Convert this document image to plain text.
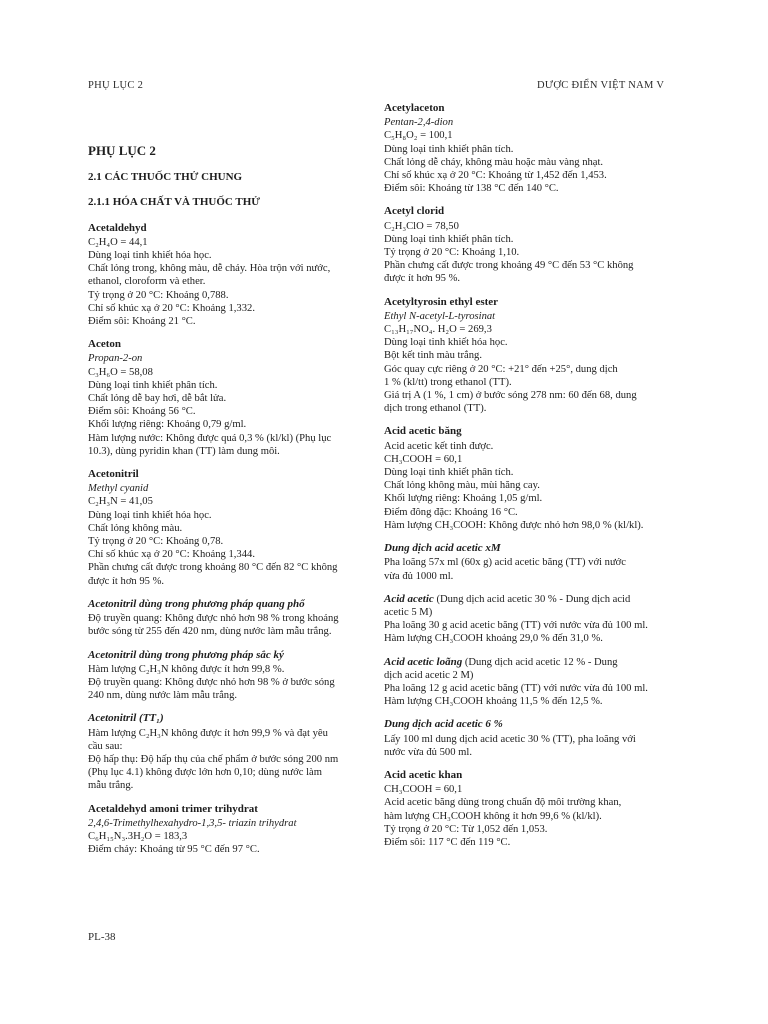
PHỤ LỤC 2	DƯỢC ĐIỂN VIỆT NAM V
PHỤ LỤC 2
2.1 CÁC THUỐC THỬ CHUNG
2.1.1 HÓA CHẤT VÀ THUỐC THỬ
Acetaldehyd
C₂H₄O = 44,1
Dùng loại tinh khiết hóa học.
Chất lỏng trong, không màu, dễ cháy. Hòa trộn với nước,
ethanol, cloroform và ether.
Tỷ trọng ở 20 °C: Khoảng 0,788.
Chỉ số khúc xạ ở 20 °C: Khoảng 1,332.
Điểm sôi: Khoảng 21 °C.
Aceton
Propan-2-on
C₃H₆O = 58,08
Dùng loại tinh khiết phân tích.
Chất lỏng dễ bay hơi, dễ bắt lửa.
Điểm sôi: Khoảng 56 °C.
Khối lượng riêng: Khoảng 0,79 g/ml.
Hàm lượng nước: Không được quá 0,3 % (kl/kl) (Phụ lục
10.3), dùng pyridin khan (TT) làm dung môi.
Acetonitril
Methyl cyanid
C₂H₃N = 41,05
Dùng loại tinh khiết hóa học.
Chất lỏng không màu.
Tỷ trọng ở 20 °C: Khoảng 0,78.
Chỉ số khúc xạ ở 20 °C: Khoảng 1,344.
Phần chưng cất được trong khoảng 80 °C đến 82 °C không
được ít hơn 95 %.
Acetonitril dùng trong phương pháp quang phổ
Độ truyền quang: Không được nhỏ hơn 98 % trong khoảng
bước sóng từ 255 đến 420 nm, dùng nước làm mẫu trắng.
Acetonitril dùng trong phương pháp sắc ký
Hàm lượng C₂H₃N không được ít hơn 99,8 %.
Độ truyền quang: Không được nhỏ hơn 98 % ở bước sóng
240 nm, dùng nước làm mẫu trắng.
Acetonitril (TT₁)
Hàm lượng C₂H₃N không được ít hơn 99,9 % và đạt yêu
cầu sau:
Độ hấp thụ: Độ hấp thụ của chế phẩm ở bước sóng 200 nm
(Phụ lục 4.1) không được lớn hơn 0,10; dùng nước làm
mẫu trắng.
Acetaldehyd amoni trimer trihydrat
2,4,6-Trimethylhexahydro-1,3,5- triazin trihydrat
C₆H₁₅N₃.3H₂O = 183,3
Điểm chảy: Khoảng từ 95 °C đến 97 °C.
Acetylaceton
Pentan-2,4-dion
C₅H₈O₂ = 100,1
Dùng loại tinh khiết phân tích.
Chất lỏng dễ cháy, không màu hoặc màu vàng nhạt.
Chỉ số khúc xạ ở 20 °C: Khoảng từ 1,452 đến 1,453.
Điểm sôi: Khoảng từ 138 °C đến 140 °C.
Acetyl clorid
C₂H₃ClO = 78,50
Dùng loại tinh khiết phân tích.
Tỷ trọng ở 20 °C: Khoảng 1,10.
Phần chưng cất được trong khoảng 49 °C đến 53 °C không
được ít hơn 95 %.
Acetyltyrosin ethyl ester
Ethyl N-acetyl-L-tyrosinat
C₁₃H₁₇NO₄. H₂O = 269,3
Dùng loại tinh khiết hóa học.
Bột kết tinh màu trắng.
Góc quay cực riêng ở 20 °C: +21° đến +25°, dung dịch
1 % (kl/tt) trong ethanol (TT).
Giá trị A (1 %, 1 cm) ở bước sóng 278 nm: 60 đến 68, dung
dịch trong ethanol (TT).
Acid acetic băng
Acid acetic kết tinh được.
CH₃COOH = 60,1
Dùng loại tinh khiết phân tích.
Chất lỏng không màu, mùi hăng cay.
Khối lượng riêng: Khoảng 1,05 g/ml.
Điểm đông đặc: Khoảng 16 °C.
Hàm lượng CH₃COOH: Không được nhỏ hơn 98,0 % (kl/kl).
Dung dịch acid acetic xM
Pha loãng 57x ml (60x g) acid acetic băng (TT) với nước
vừa đủ 1000 ml.
Acid acetic (Dung dịch acid acetic 30 % - Dung dịch acid
acetic 5 M)
Pha loãng 30 g acid acetic băng (TT) với nước vừa đủ 100 ml.
Hàm lượng CH₃COOH khoảng 29,0 % đến 31,0 %.
Acid acetic loãng (Dung dịch acid acetic 12 % - Dung
dịch acid acetic 2 M)
Pha loãng 12 g acid acetic băng (TT) với nước vừa đủ 100 ml.
Hàm lượng CH₃COOH khoảng 11,5 % đến 12,5 %.
Dung dịch acid acetic 6 %
Lấy 100 ml dung dịch acid acetic 30 % (TT), pha loãng với
nước vừa đủ 500 ml.
Acid acetic khan
CH₃COOH = 60,1
Acid acetic băng dùng trong chuẩn độ môi trường khan,
hàm lượng CH₃COOH không ít hơn 99,6 % (kl/kl).
Tỷ trọng ở 20 °C: Từ 1,052 đến 1,053.
Điểm sôi: 117 °C đến 119 °C.
PL-38
